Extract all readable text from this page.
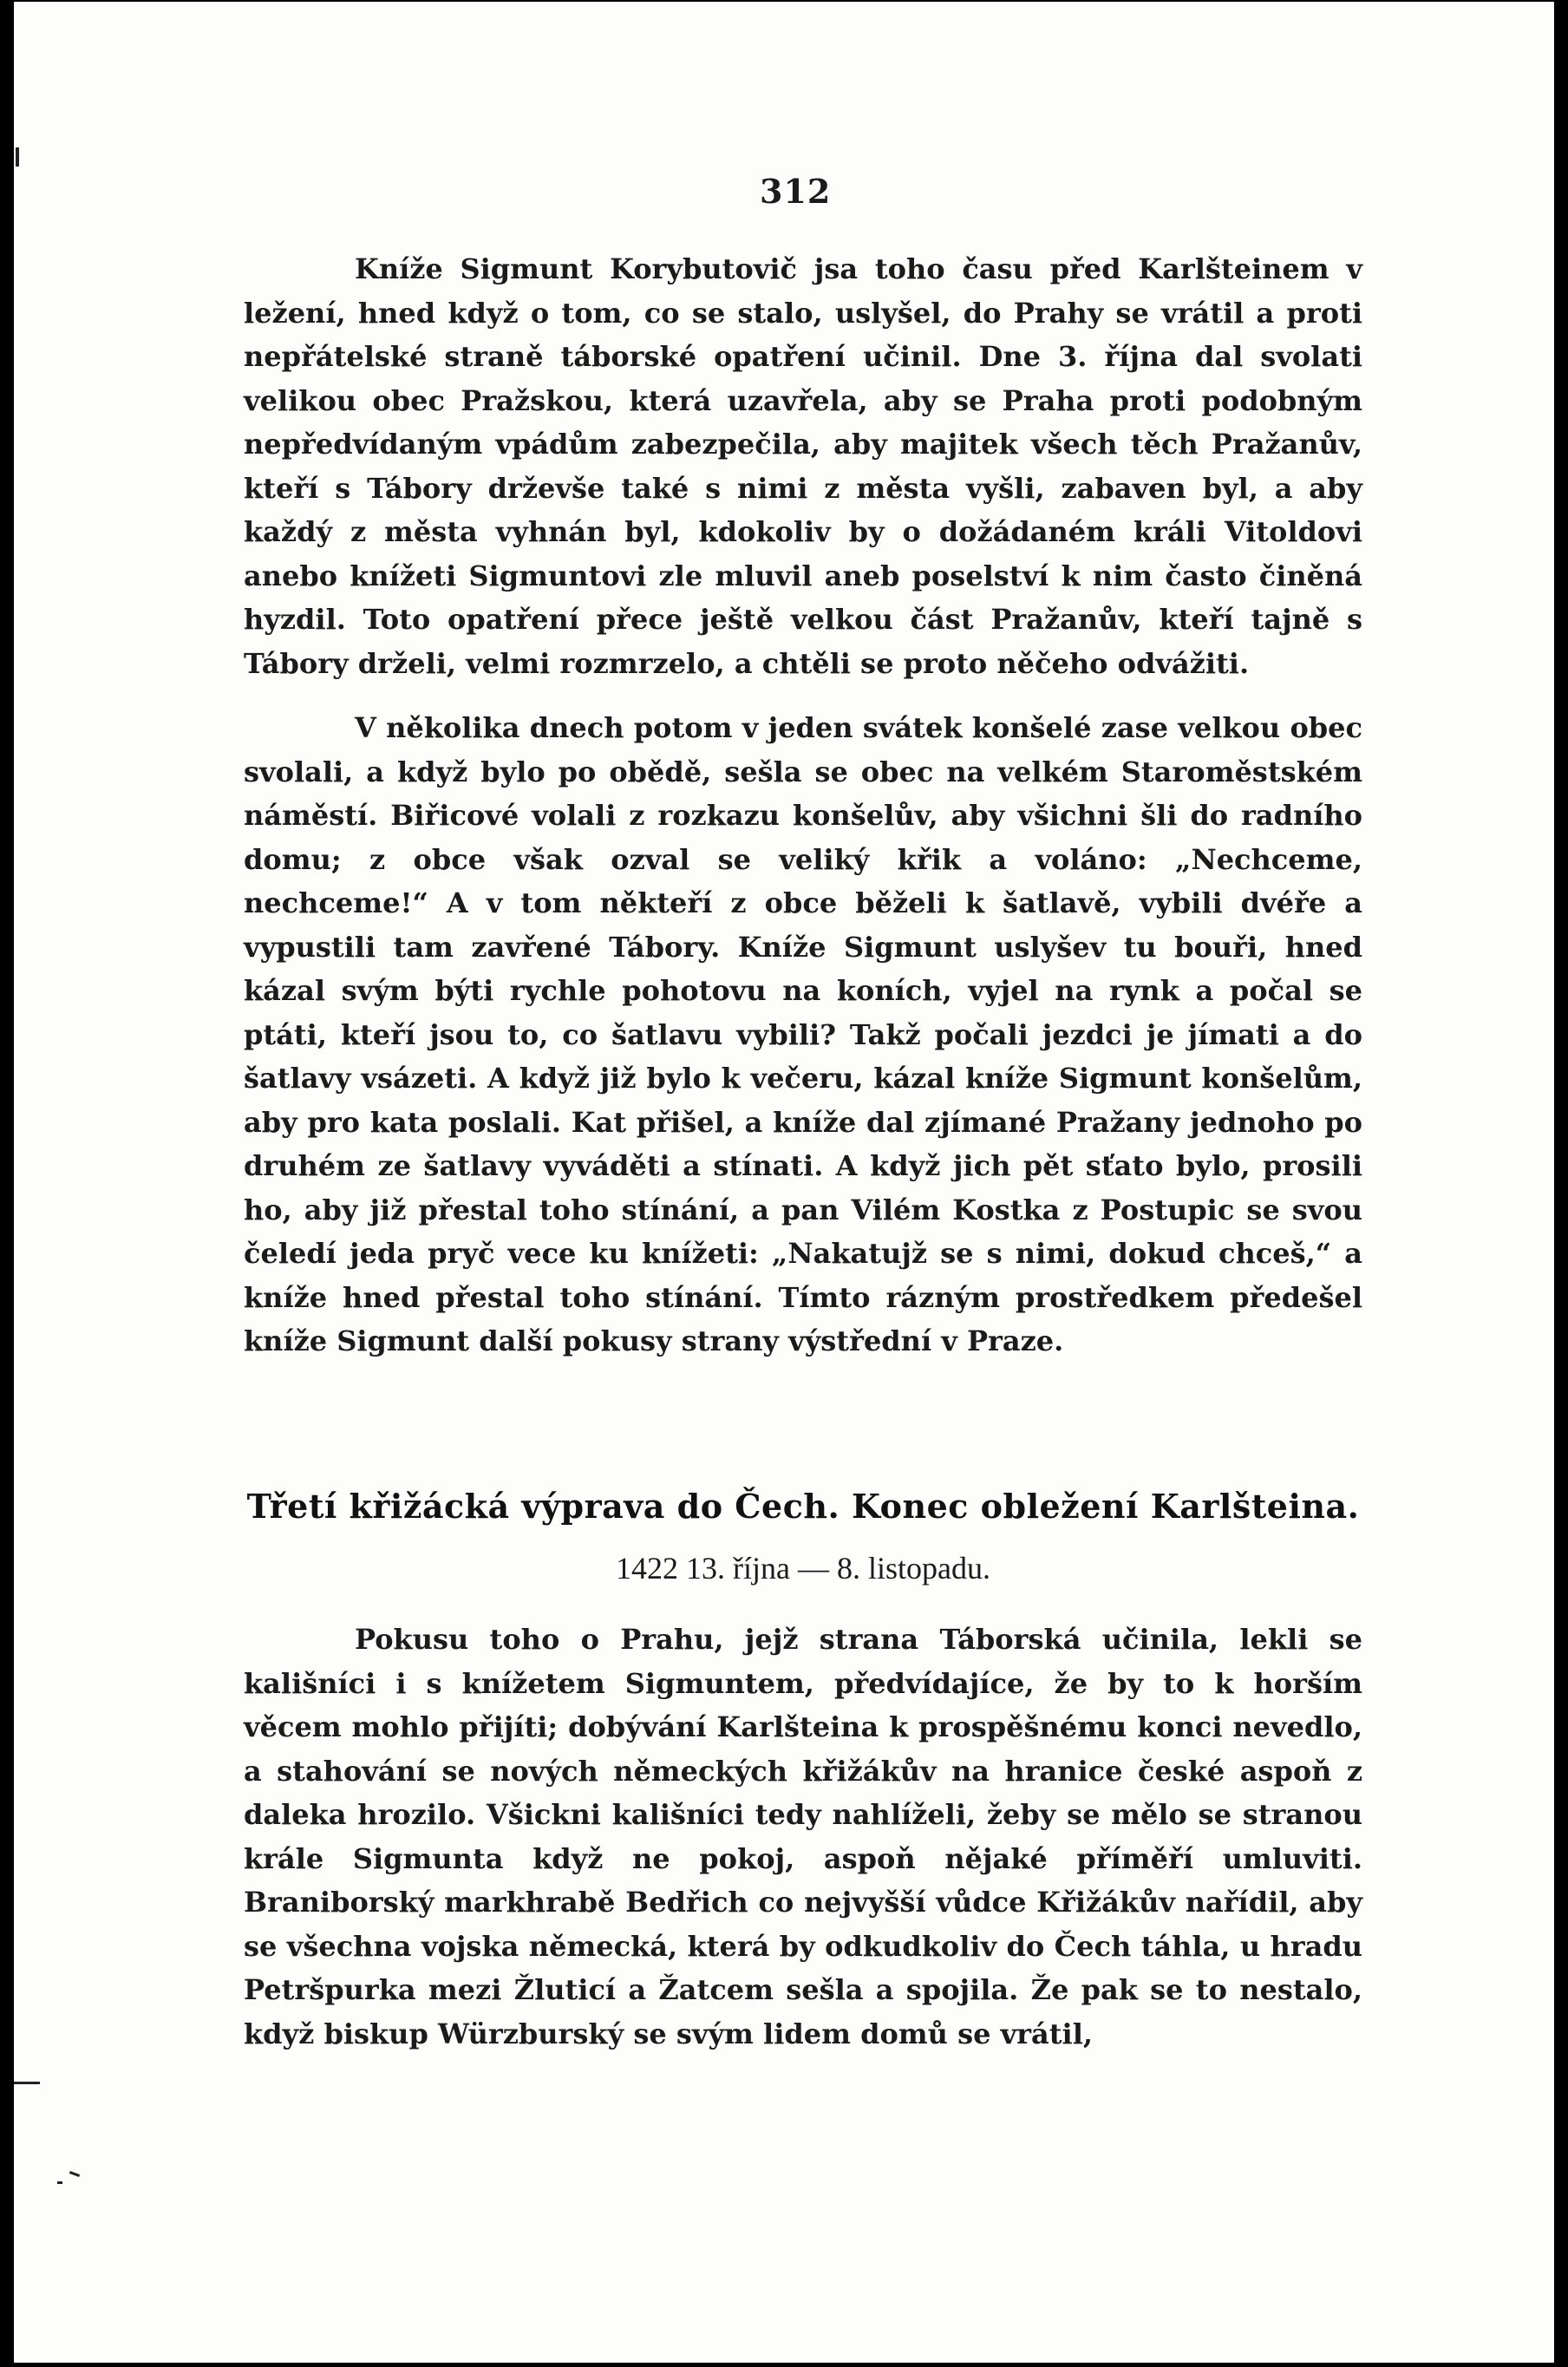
312

Kníže Sigmunt Korybutovič jsa toho času před Karlšteinem v ležení, hned když o tom, co se stalo, uslyšel, do Prahy se vrátil a proti nepřátelské straně táborské opatření učinil. Dne 3. října dal svolati velikou obec Pražskou, která uzavřela, aby se Praha proti podobným nepředvídaným vpádům zabezpečila, aby majitek všech těch Pražanův, kteří s Tábory drževše také s nimi z města vyšli, zabaven byl, a aby každý z města vyhnán byl, kdokoliv by o dožádaném králi Vitoldovi anebo knížeti Sigmuntovi zle mluvil aneb poselství k nim často činěná hyzdil. Toto opatření přece ještě velkou část Pražanův, kteří tajně s Tábory drželi, velmi rozmrzelo, a chtěli se proto něčeho odvážiti.

V několika dnech potom v jeden svátek konšelé zase velkou obec svolali, a když bylo po obědě, sešla se obec na velkém Staroměstském náměstí. Biřicové volali z rozkazu konšelův, aby všichni šli do radního domu; z obce však ozval se veliký křik a voláno: „Nechceme, nechceme!“ A v tom někteří z obce běželi k šatlavě, vybili dvéře a vypustili tam zavřené Tábory. Kníže Sigmunt uslyšev tu bouři, hned kázal svým býti rychle pohotovu na koních, vyjel na rynk a počal se ptáti, kteří jsou to, co šatlavu vybili? Takž počali jezdci je jímati a do šatlavy vsázeti. A když již bylo k večeru, kázal kníže Sigmunt konšelům, aby pro kata poslali. Kat přišel, a kníže dal zjímané Pražany jednoho po druhém ze šatlavy vyváděti a stínati. A když jich pět sťato bylo, prosili ho, aby již přestal toho stínání, a pan Vilém Kostka z Postupic se svou čeledí jeda pryč vece ku knížeti: „Nakatujž se s nimi, dokud chceš,“ a kníže hned přestal toho stínání. Tímto rázným prostředkem předešel kníže Sigmunt další pokusy strany výstřední v Praze.

Třetí křižácká výprava do Čech. Konec obležení Karlšteina.
1422 13. října — 8. listopadu.

Pokusu toho o Prahu, jejž strana Táborská učinila, lekli se kališníci i s knížetem Sigmuntem, předvídajíce, že by to k horším věcem mohlo přijíti; dobývání Karlšteina k prospěšnému konci nevedlo, a stahování se nových německých křižákův na hranice české aspoň z daleka hrozilo. Všickni kališníci tedy nahlíželi, žeby se mělo se stranou krále Sigmunta když ne pokoj, aspoň nějaké příměří umluviti. Braniborský markhrabě Bedřich co nejvyšší vůdce Křižákův nařídil, aby se všechna vojska německá, která by odkudkoliv do Čech táhla, u hradu Petršpurka mezi Žluticí a Žatcem sešla a spojila. Že pak se to nestalo, když biskup Würzburský se svým lidem domů se vrátil,
